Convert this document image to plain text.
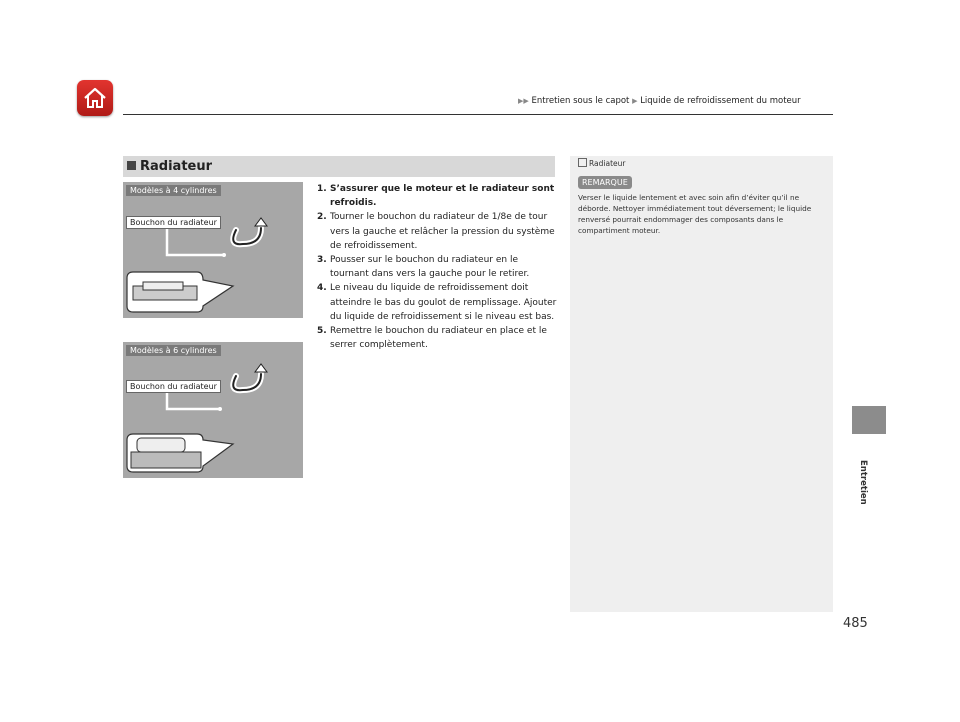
▶▶ Entretien sous le capot ▶ Liquide de refroidissement du moteur
Entretien
Radiateur
Modèles à 4 cylindres
Bouchon du radiateur
Modèles à 6 cylindres
Bouchon du radiateur

1. S’assurer que le moteur et le radiateur sont refroidis.

2. Tourner le bouchon du radiateur de 1/8e de tour vers la gauche et relâcher la pression du système de refroidissement.

3. Pousser sur le bouchon du radiateur en le tournant dans vers la gauche pour le retirer.

4. Le niveau du liquide de refroidissement doit atteindre le bas du goulot de remplissage. Ajouter du liquide de refroidissement si le niveau est bas.

5. Remettre le bouchon du radiateur en place et le serrer complètement.

Radiateur
REMARQUE
Verser le liquide lentement et avec soin afin d’éviter qu’il ne déborde. Nettoyer immédiatement tout déversement; le liquide renversé pourrait endommager des composants dans le compartiment moteur.
485
